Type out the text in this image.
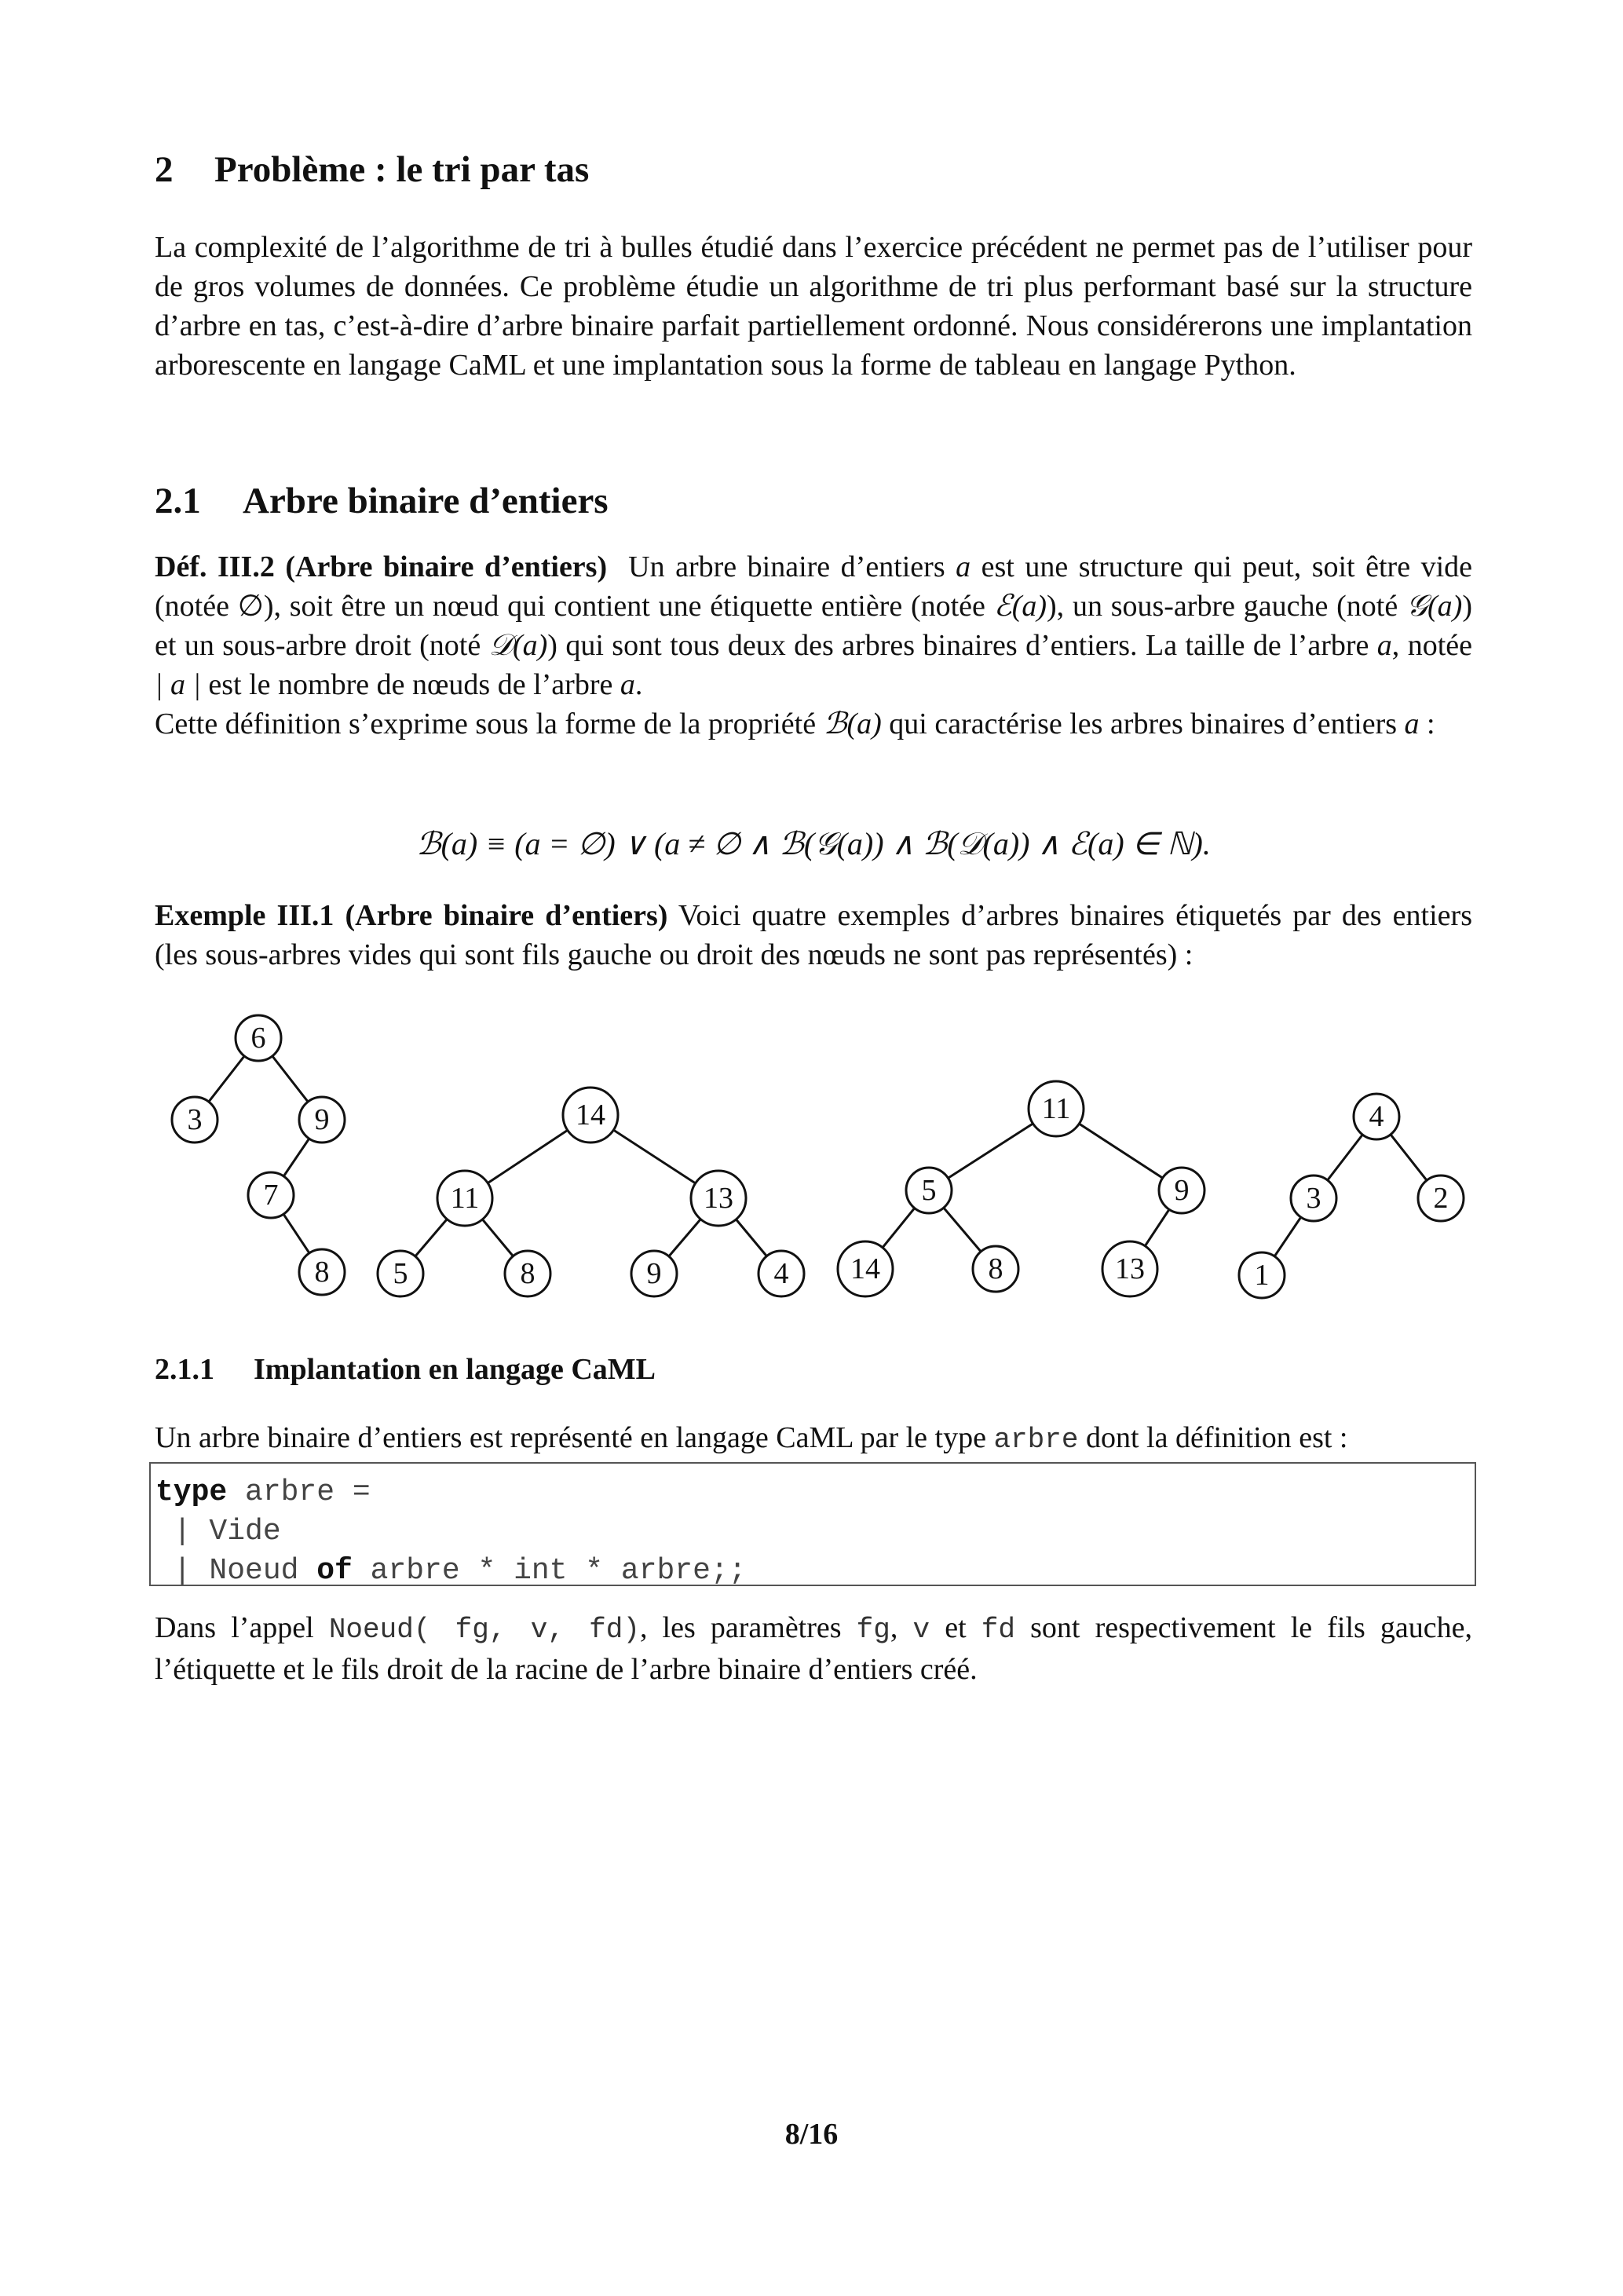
2 Problème : le tri par tas

La complexité de l’algorithme de tri à bulles étudié dans l’exercice précédent ne permet pas de l’utiliser pour de gros volumes de données. Ce problème étudie un algorithme de tri plus performant basé sur la structure d’arbre en tas, c’est-à-dire d’arbre binaire parfait partiellement ordonné. Nous considérerons une implantation arborescente en langage CaML et une implantation sous la forme de tableau en langage Python.

2.1 Arbre binaire d’entiers

Déf. III.2 (Arbre binaire d’entiers) Un arbre binaire d’entiers a est une structure qui peut, soit être vide (notée ∅), soit être un nœud qui contient une étiquette entière (notée ℰ(a)), un sous-arbre gauche (noté 𝒢(a)) et un sous-arbre droit (noté 𝒟(a)) qui sont tous deux des arbres binaires d’entiers. La taille de l’arbre a, notée | a | est le nombre de nœuds de l’arbre a.

Cette définition s’exprime sous la forme de la propriété ℬ(a) qui caractérise les arbres binaires d’entiers a :

ℬ(a) ≡ (a = ∅) ∨ (a ≠ ∅ ∧ ℬ(𝒢(a)) ∧ ℬ(𝒟(a)) ∧ ℰ(a) ∈ ℕ).

Exemple III.1 (Arbre binaire d’entiers) Voici quatre exemples d’arbres binaires étiquetés par des entiers (les sous-arbres vides qui sont fils gauche ou droit des nœuds ne sont pas représentés) :

6
3	9
7
8
14
11	13
5	8	9	4
11
5	9
14	8	13
4
3	2
1
2.1.1 Implantation en langage CaML

Un arbre binaire d’entiers est représenté en langage CaML par le type arbre dont la définition est :

type arbre =
| Vide
| Noeud of arbre * int * arbre;;

Dans l’appel Noeud( fg, v, fd), les paramètres fg, v et fd sont respectivement le fils gauche, l’étiquette et le fils droit de la racine de l’arbre binaire d’entiers créé.

8/16
